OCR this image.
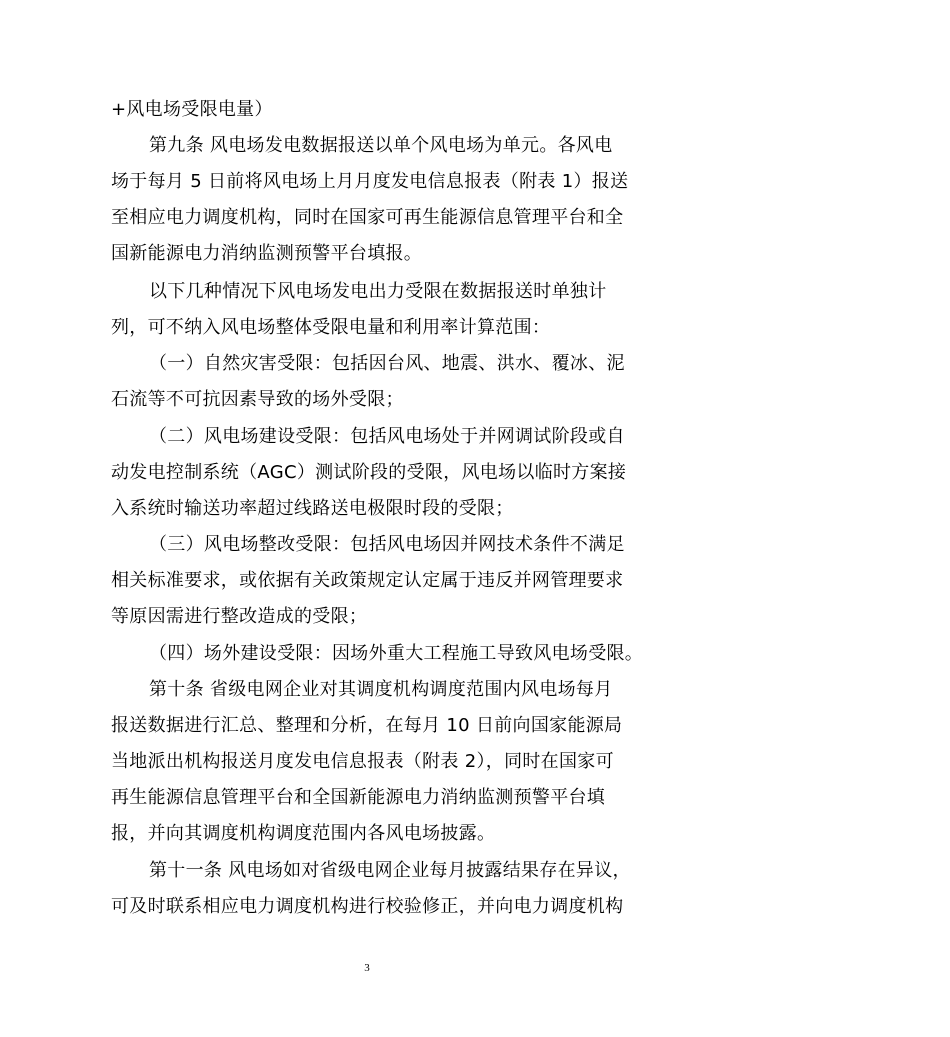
+风电场受限电量）
第九条 风电场发电数据报送以单个风电场为单元。各风电
场于每月 5 日前将风电场上月月度发电信息报表（附表 1）报送
至相应电力调度机构，同时在国家可再生能源信息管理平台和全
国新能源电力消纳监测预警平台填报。
以下几种情况下风电场发电出力受限在数据报送时单独计
列，可不纳入风电场整体受限电量和利用率计算范围：
（一）自然灾害受限：包括因台风、地震、洪水、覆冰、泥
石流等不可抗因素导致的场外受限；
（二）风电场建设受限：包括风电场处于并网调试阶段或自
动发电控制系统（AGC）测试阶段的受限，风电场以临时方案接
入系统时输送功率超过线路送电极限时段的受限；
（三）风电场整改受限：包括风电场因并网技术条件不满足
相关标准要求，或依据有关政策规定认定属于违反并网管理要求
等原因需进行整改造成的受限；
（四）场外建设受限：因场外重大工程施工导致风电场受限。
第十条 省级电网企业对其调度机构调度范围内风电场每月
报送数据进行汇总、整理和分析，在每月 10 日前向国家能源局
当地派出机构报送月度发电信息报表（附表 2），同时在国家可
再生能源信息管理平台和全国新能源电力消纳监测预警平台填
报，并向其调度机构调度范围内各风电场披露。
第十一条 风电场如对省级电网企业每月披露结果存在异议，
可及时联系相应电力调度机构进行校验修正，并向电力调度机构
3
